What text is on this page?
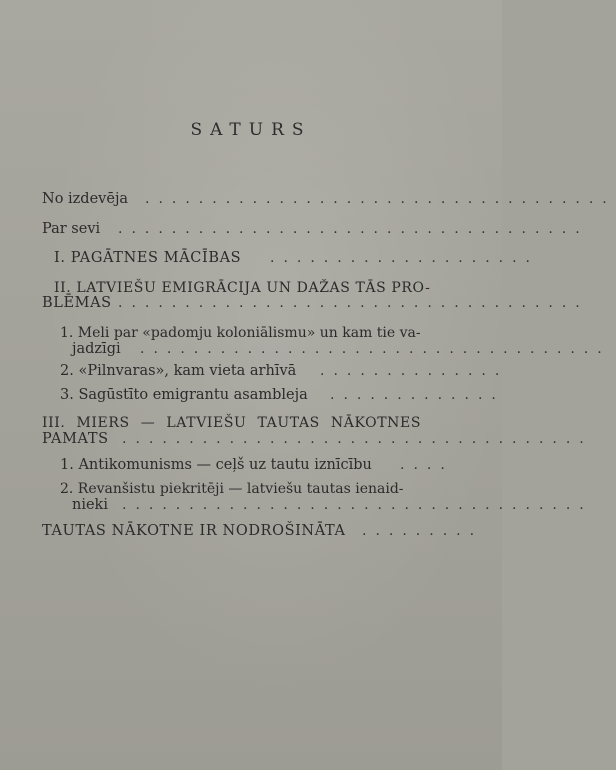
SATURS
No izdevēja ...................................
Par sevi ...................................
I. PAGĀTNES MĀCĪBAS ....................
II. LATVIEŠU EMIGRĀCIJA UN DAŽAS TĀS PRO-
BLĒMAS ...................................
1. Meli par «padomju koloniālismu» un kam tie va-
jadzīgi ...................................
2. «Pilnvaras», kam vieta arhīvā ..............
3. Sagūstīto emigrantu asambleja .............
III. MIERS — LATVIEŠU TAUTAS NĀKOTNES
PAMATS ...................................
1. Antikomunisms — ceļš uz tautu iznīcību ....
2. Revanšistu piekritēji — latviešu tautas ienaid-
nieki ...................................
TAUTAS NĀKOTNE IR NODROŠINĀTA .........
